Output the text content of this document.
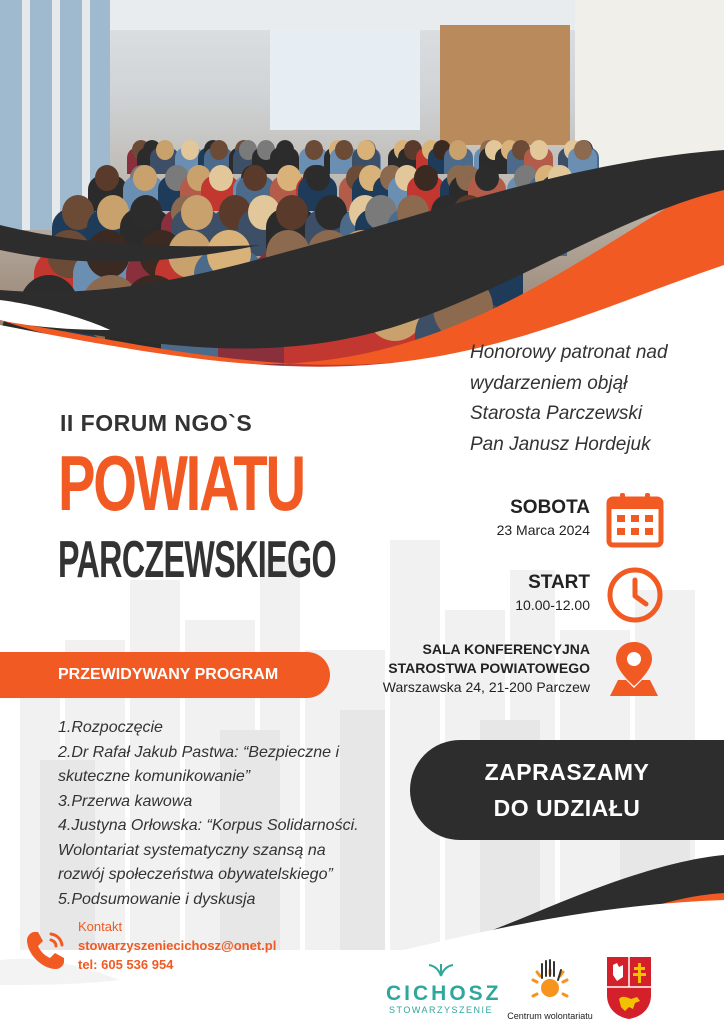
Honorowy patronat nad
wydarzeniem objął
Starosta Parczewski
Pan Janusz Hordejuk
II FORUM NGO`S
POWIATU
PARCZEWSKIEGO
SOBOTA
23 Marca 2024
START
10.00-12.00
SALA KONFERENCYJNA
STAROSTWA POWIATOWEGO
Warszawska 24, 21-200 Parczew
PRZEWIDYWANY PROGRAM
1.Rozpoczęcie
2.Dr Rafał Jakub Pastwa: “Bezpieczne i
skuteczne komunikowanie”
3.Przerwa kawowa
4.Justyna Orłowska: “Korpus Solidarności.
Wolontariat systematyczny szansą na
rozwój społeczeństwa obywatelskiego”
5.Podsumowanie i dyskusja
ZAPRASZAMY
DO UDZIAŁU
Kontakt
stowarzyszeniecichosz@onet.pl
tel: 605 536 954
CICHOSZ
STOWARZYSZENIE
Centrum wolontariatu
